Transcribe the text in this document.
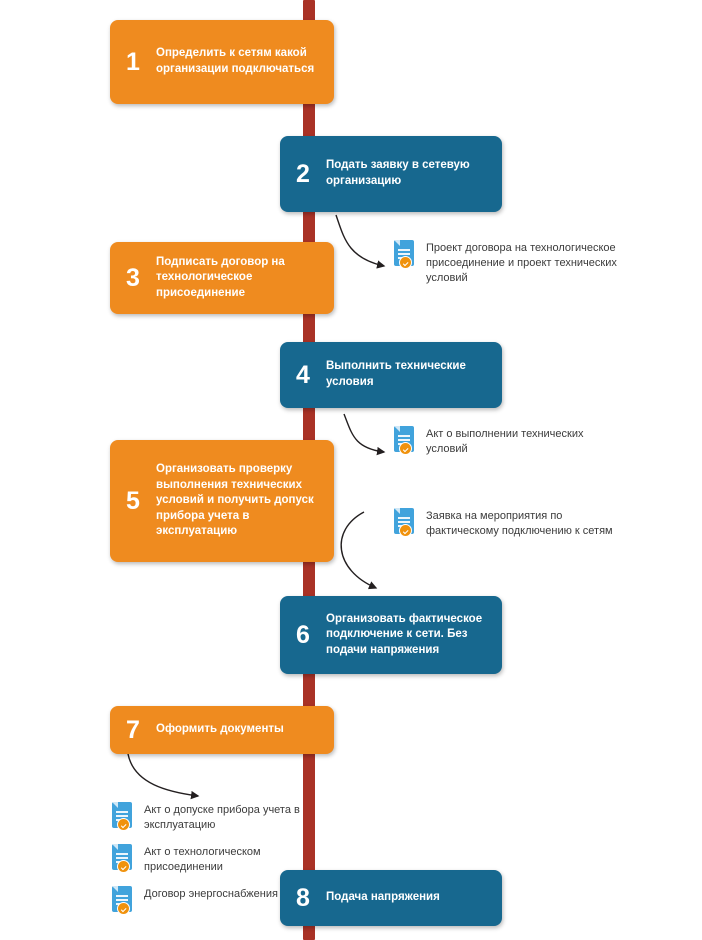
1	Определить к сетям какой организации подключаться
2	Подать заявку в сетевую организацию
Проект договора на технологическое присоединение и проект технических условий
3
Подписать договор на технологическое присоединение
4	Выполнить технические условия
Акт о выполнении технических условий
5
Организовать проверку выполнения технических условий и получить допуск прибора учета в эксплуатацию
Заявка на мероприятия по фактическому подключению к сетям
6
Организовать фактическое подключение к сети. Без подачи напряжения
7	Оформить документы
Акт о допуске прибора учета в эксплуатацию
Акт о технологическом присоединении
Договор энергоснабжения 8	Подача напряжения
